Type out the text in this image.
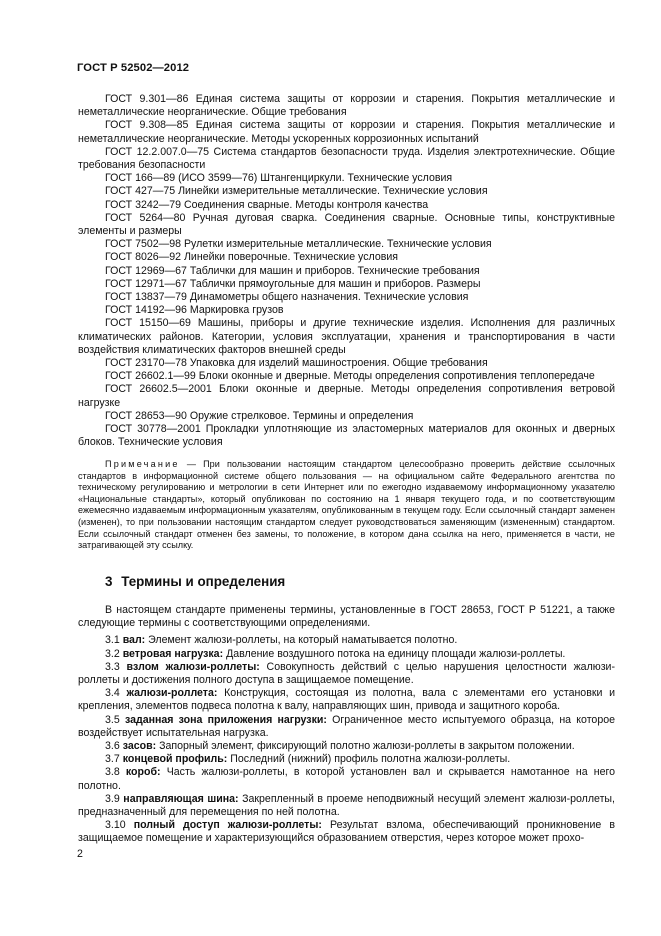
ГОСТ Р 52502—2012

ГОСТ 9.301—86 Единая система защиты от коррозии и старения. Покрытия металлические и неметаллические неорганические. Общие требования

ГОСТ 9.308—85 Единая система защиты от коррозии и старения. Покрытия металлические и неметаллические неорганические. Методы ускоренных коррозионных испытаний

ГОСТ 12.2.007.0—75 Система стандартов безопасности труда. Изделия электротехнические. Общие требования безопасности

ГОСТ 166—89 (ИСО 3599—76) Штангенциркули. Технические условия

ГОСТ 427—75 Линейки измерительные металлические. Технические условия

ГОСТ 3242—79 Соединения сварные. Методы контроля качества

ГОСТ 5264—80 Ручная дуговая сварка. Соединения сварные. Основные типы, конструктивные элементы и размеры

ГОСТ 7502—98 Рулетки измерительные металлические. Технические условия

ГОСТ 8026—92 Линейки поверочные. Технические условия

ГОСТ 12969—67 Таблички для машин и приборов. Технические требования

ГОСТ 12971—67 Таблички прямоугольные для машин и приборов. Размеры

ГОСТ 13837—79 Динамометры общего назначения. Технические условия

ГОСТ 14192—96 Маркировка грузов

ГОСТ 15150—69 Машины, приборы и другие технические изделия. Исполнения для различных климатических районов. Категории, условия эксплуатации, хранения и транспортирования в части воздействия климатических факторов внешней среды

ГОСТ 23170—78 Упаковка для изделий машиностроения. Общие требования

ГОСТ 26602.1—99 Блоки оконные и дверные. Методы определения сопротивления теплопередаче

ГОСТ 26602.5—2001 Блоки оконные и дверные. Методы определения сопротивления ветровой нагрузке

ГОСТ 28653—90 Оружие стрелковое. Термины и определения

ГОСТ 30778—2001 Прокладки уплотняющие из эластомерных материалов для оконных и дверных блоков. Технические условия

Примечание — При пользовании настоящим стандартом целесообразно проверить действие ссылочных стандартов в информационной системе общего пользования — на официальном сайте Федерального агентства по техническому регулированию и метрологии в сети Интернет или по ежегодно издаваемому информационному указателю «Национальные стандарты», который опубликован по состоянию на 1 января текущего года, и по соответствующим ежемесячно издаваемым информационным указателям, опубликованным в текущем году. Если ссылочный стандарт заменен (изменен), то при пользовании настоящим стандартом следует руководствоваться заменяющим (измененным) стандартом. Если ссылочный стандарт отменен без замены, то положение, в котором дана ссылка на него, применяется в части, не затрагивающей эту ссылку.

3 Термины и определения

В настоящем стандарте применены термины, установленные в ГОСТ 28653, ГОСТ Р 51221, а также следующие термины с соответствующими определениями.

3.1 вал: Элемент жалюзи-роллеты, на который наматывается полотно.

3.2 ветровая нагрузка: Давление воздушного потока на единицу площади жалюзи-роллеты.

3.3 взлом жалюзи-роллеты: Совокупность действий с целью нарушения целостности жалюзи-роллеты и достижения полного доступа в защищаемое помещение.

3.4 жалюзи-роллета: Конструкция, состоящая из полотна, вала с элементами его установки и крепления, элементов подвеса полотна к валу, направляющих шин, привода и защитного короба.

3.5 заданная зона приложения нагрузки: Ограниченное место испытуемого образца, на которое воздействует испытательная нагрузка.

3.6 засов: Запорный элемент, фиксирующий полотно жалюзи-роллеты в закрытом положении.

3.7 концевой профиль: Последний (нижний) профиль полотна жалюзи-роллеты.

3.8 короб: Часть жалюзи-роллеты, в которой установлен вал и скрывается намотанное на него полотно.

3.9 направляющая шина: Закрепленный в проеме неподвижный несущий элемент жалюзи-роллеты, предназначенный для перемещения по ней полотна.

3.10 полный доступ жалюзи-роллеты: Результат взлома, обеспечивающий проникновение в защищаемое помещение и характеризующийся образованием отверстия, через которое может прохо-

2
